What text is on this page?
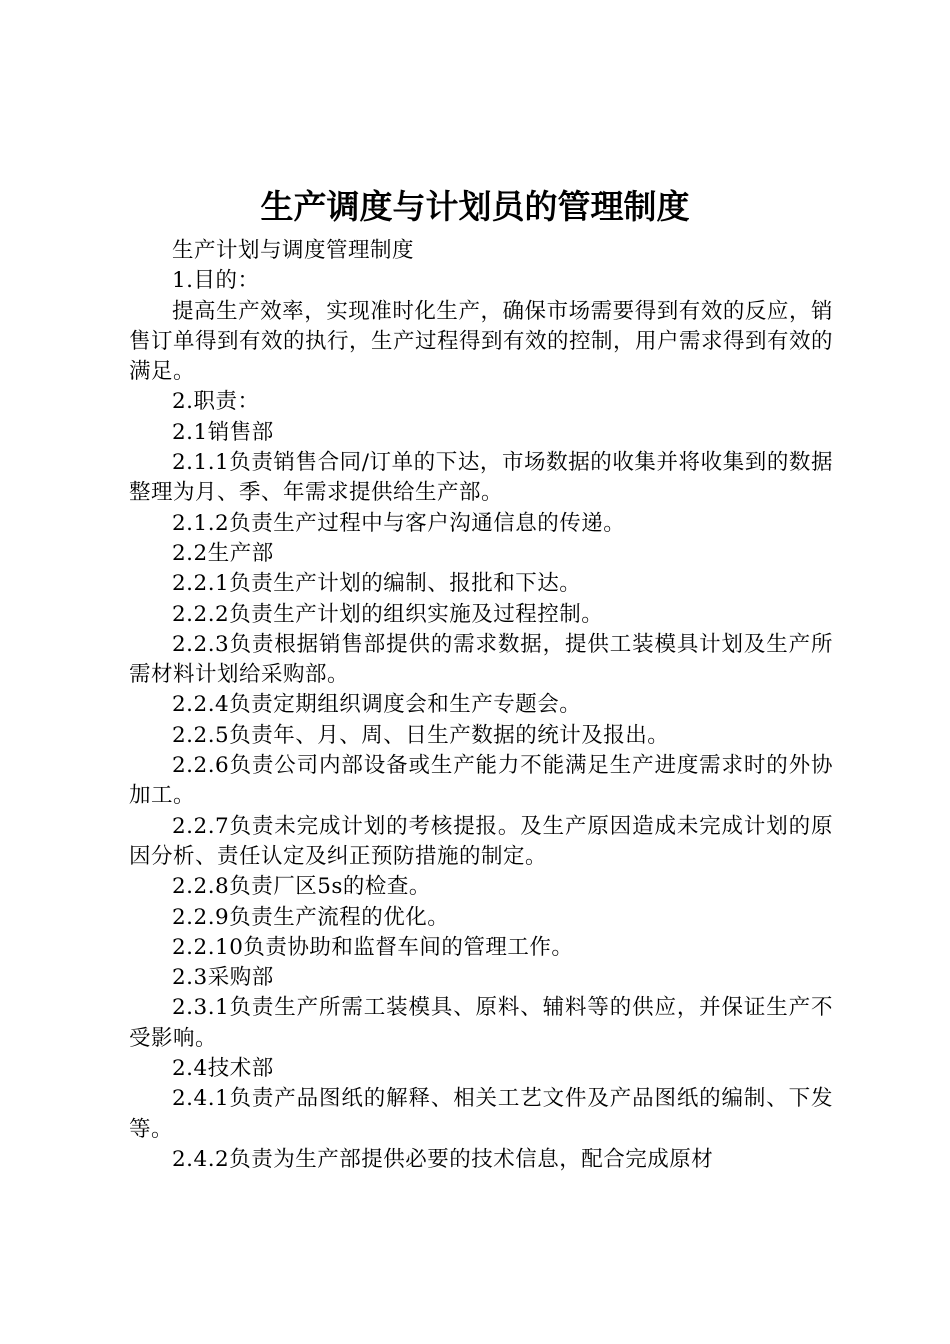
生产调度与计划员的管理制度

生产计划与调度管理制度

1.目的：

提高生产效率，实现准时化生产，确保市场需要得到有效的反应，销售订单得到有效的执行，生产过程得到有效的控制，用户需求得到有效的满足。

2.职责：

2.1销售部

2.1.1负责销售合同/订单的下达，市场数据的收集并将收集到的数据整理为月、季、年需求提供给生产部。

2.1.2负责生产过程中与客户沟通信息的传递。

2.2生产部

2.2.1负责生产计划的编制、报批和下达。

2.2.2负责生产计划的组织实施及过程控制。

2.2.3负责根据销售部提供的需求数据，提供工装模具计划及生产所需材料计划给采购部。

2.2.4负责定期组织调度会和生产专题会。

2.2.5负责年、月、周、日生产数据的统计及报出。

2.2.6负责公司内部设备或生产能力不能满足生产进度需求时的外协加工。

2.2.7负责未完成计划的考核提报。及生产原因造成未完成计划的原因分析、责任认定及纠正预防措施的制定。

2.2.8负责厂区5s的检查。

2.2.9负责生产流程的优化。

2.2.10负责协助和监督车间的管理工作。

2.3采购部

2.3.1负责生产所需工装模具、原料、辅料等的供应，并保证生产不受影响。

2.4技术部

2.4.1负责产品图纸的解释、相关工艺文件及产品图纸的编制、下发等。

2.4.2负责为生产部提供必要的技术信息，配合完成原材
